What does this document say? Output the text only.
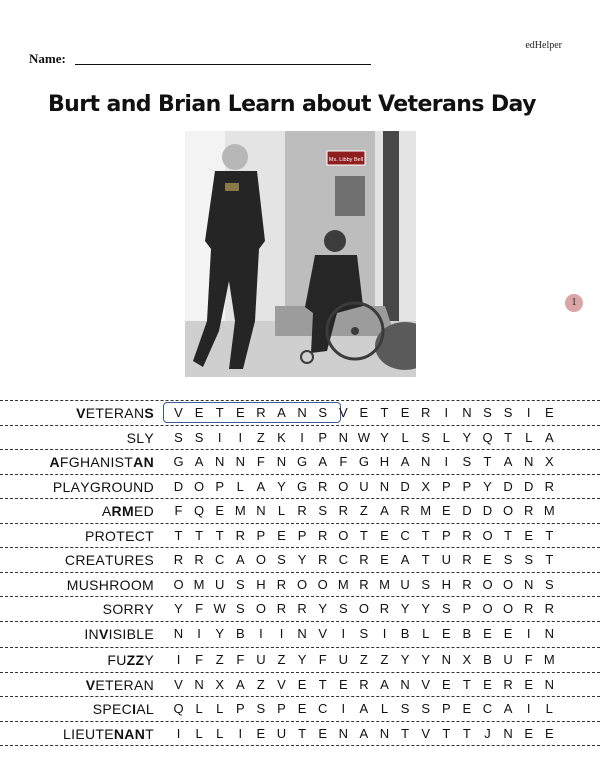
edHelper
Name:
Burt and Brian Learn about Veterans Day
Ms. Libby Bell
1
VETERANS	V E T E R A N S V E T E R	I	N S S	I	E
SLY	S S	I	I	Z K	I	P N W Y L S L Y Q T	L A
AFGHANISTAN	G A N N F N G A F G H A N	I	S T A N X
PLAYGROUND	D O P L A Y G R O U N D X P P Y D D R
ARMED	F Q E M N L R S R Z A R M E D D O R M
PROTECT	T T T R P E P R O T E C T P R O T E T
CREATURES	R R C A O S Y R C R E A T U R E S S T
MUSHROOM	O M U S H R O O M R M U S H R O O N S
SORRY	Y F W S O R R Y S O R Y Y S P O O R R
INVISIBLE	N	I	Y B	I	I	N V	I	S	I	B L E B E E	I	N
FUZZY	I	F Z F U Z Y F U Z Z Y Y N X B U F M
VETERAN	V N X A Z V E T E R A N V E T E R E N
SPECIAL	Q L	L P S P E C	I	A L S S P E C A	I	L
LIEUTENANT	I	L	L	I	E U T E N A N T V T T	J N E E
